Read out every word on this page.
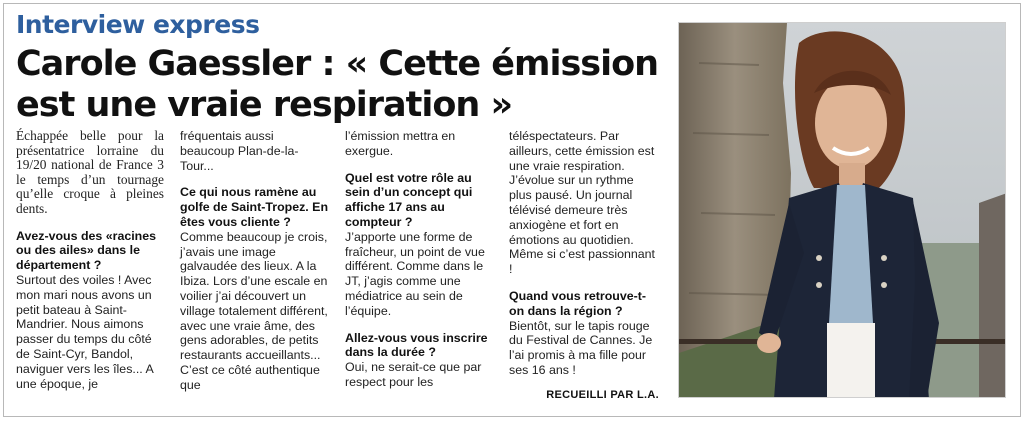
Interview express
Carole Gaessler : « Cette émission est une vraie respiration »

Échappée belle pour la présentatrice lorraine du 19/20 national de France 3 le temps d’un tournage qu’elle croque à pleines dents.

Avez-vous des «racines ou des ailes» dans le département ?

Surtout des voiles ! Avec mon mari nous avons un petit bateau à Saint-Mandrier. Nous aimons passer du temps du côté de Saint-Cyr, Bandol, naviguer vers les îles... A une époque, je

fréquentais aussi beaucoup Plan-de-la-Tour...

Ce qui nous ramène au golfe de Saint-Tropez. En êtes vous cliente ?

Comme beaucoup je crois, j’avais une image galvaudée des lieux. A la Ibiza. Lors d’une escale en voilier j’ai découvert un village totalement différent, avec une vraie âme, des gens adorables, de petits restaurants accueillants... C’est ce côté authentique que

l’émission mettra en exergue.

Quel est votre rôle au sein d’un concept qui affiche 17 ans au compteur ?

J’apporte une forme de fraîcheur, un point de vue différent. Comme dans le JT, j’agis comme une médiatrice au sein de l’équipe.

Allez-vous vous inscrire dans la durée ?

Oui, ne serait-ce que par respect pour les

téléspectateurs. Par ailleurs, cette émission est une vraie respiration. J’évolue sur un rythme plus pausé. Un journal télévisé demeure très anxiogène et fort en émotions au quotidien. Même si c’est passionnant !

Quand vous retrouve-t-on dans la région ?

Bientôt, sur le tapis rouge du Festival de Cannes. Je l’ai promis à ma fille pour ses 16 ans !

RECUEILLI PAR L.A.
